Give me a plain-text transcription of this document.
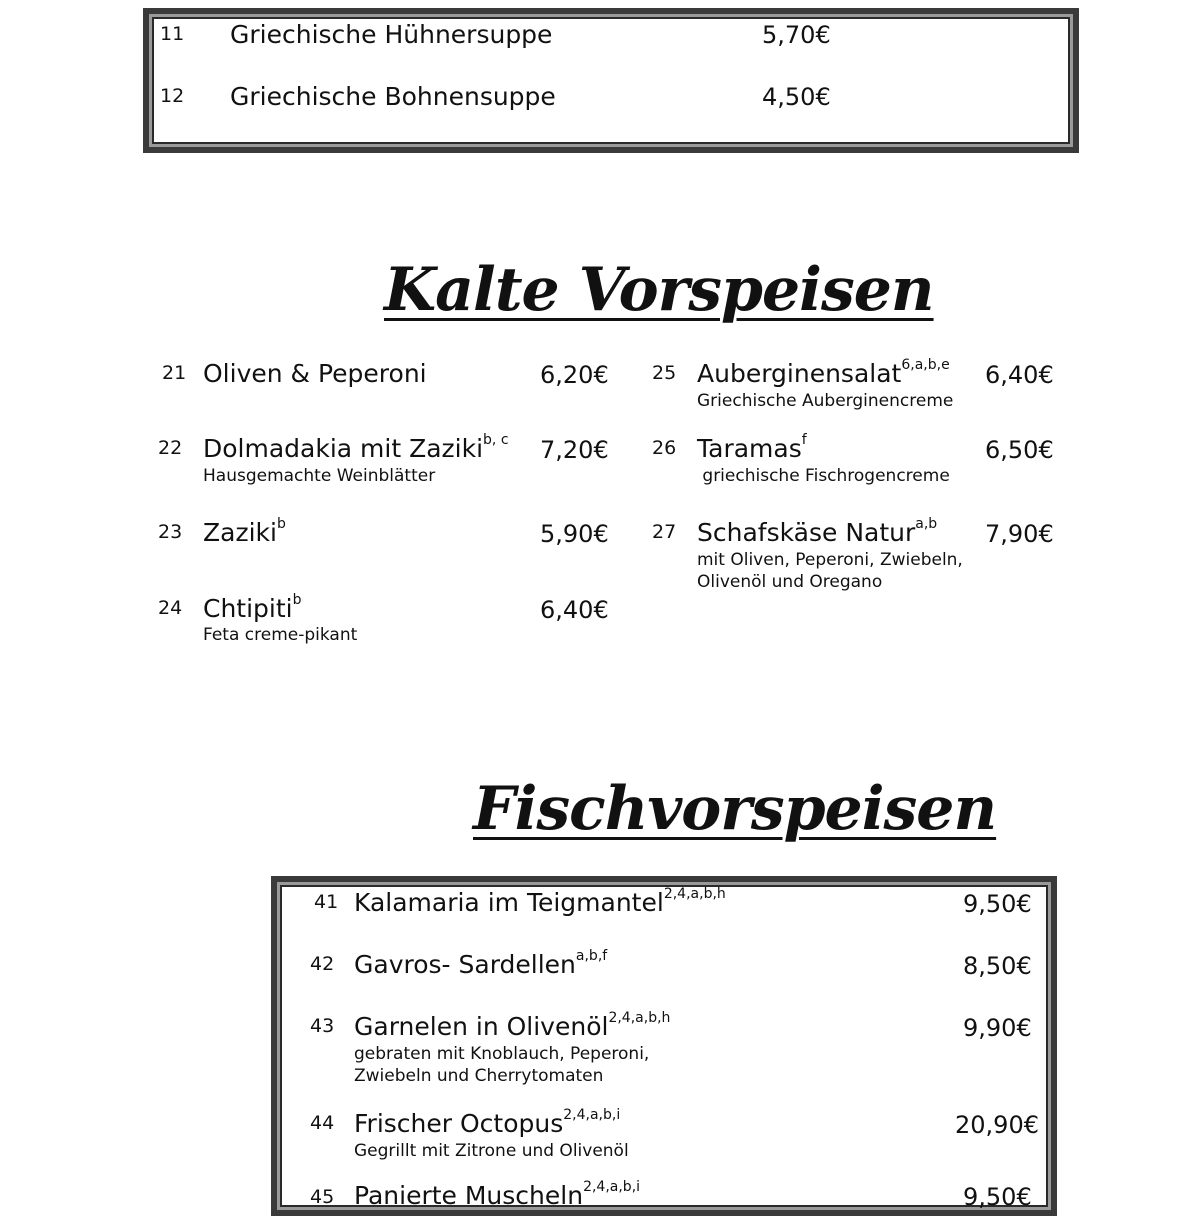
11 Griechische Hühnersuppe	5,70€
12 Griechische Bohnensuppe	4,50€
Kalte Vorspeisen
21 Oliven & Peperoni	6,20€
22 Dolmadakia mit Zaziki$^{b, c}$ 7,20€
Hausgemachte Weinblätter
23 Zaziki$^b$	5,90€
24 Chtipiti$^b$	6,40€
Feta creme-pikant
25 Auberginensalat$^{6,a,b,e}$ 6,40€
Griechische Auberginencreme
26 Taramas$^f$	6,50€
griechische Fischrogencreme
27 Schafskäse Natur$^{a,b}$ 7,90€
mit Oliven, Peperoni, Zwiebeln,
Olivenöl und Oregano
Fischvorspeisen
41 Kalamaria im Teigmantel$^{2,4,a,b,h}$	9,50€
42 Gavros- Sardellen$^{a,b,f}$	8,50€
43 Garnelen in Olivenöl$^{2,4,a,b,h}$	9,90€
gebraten mit Knoblauch, Peperoni,
Zwiebeln und Cherrytomaten
44 Frischer Octopus$^{2,4,a,b,i}$	20,90€
Gegrillt mit Zitrone und Olivenöl
45 Panierte Muscheln$^{2,4,a,b,i}$	9,50€
